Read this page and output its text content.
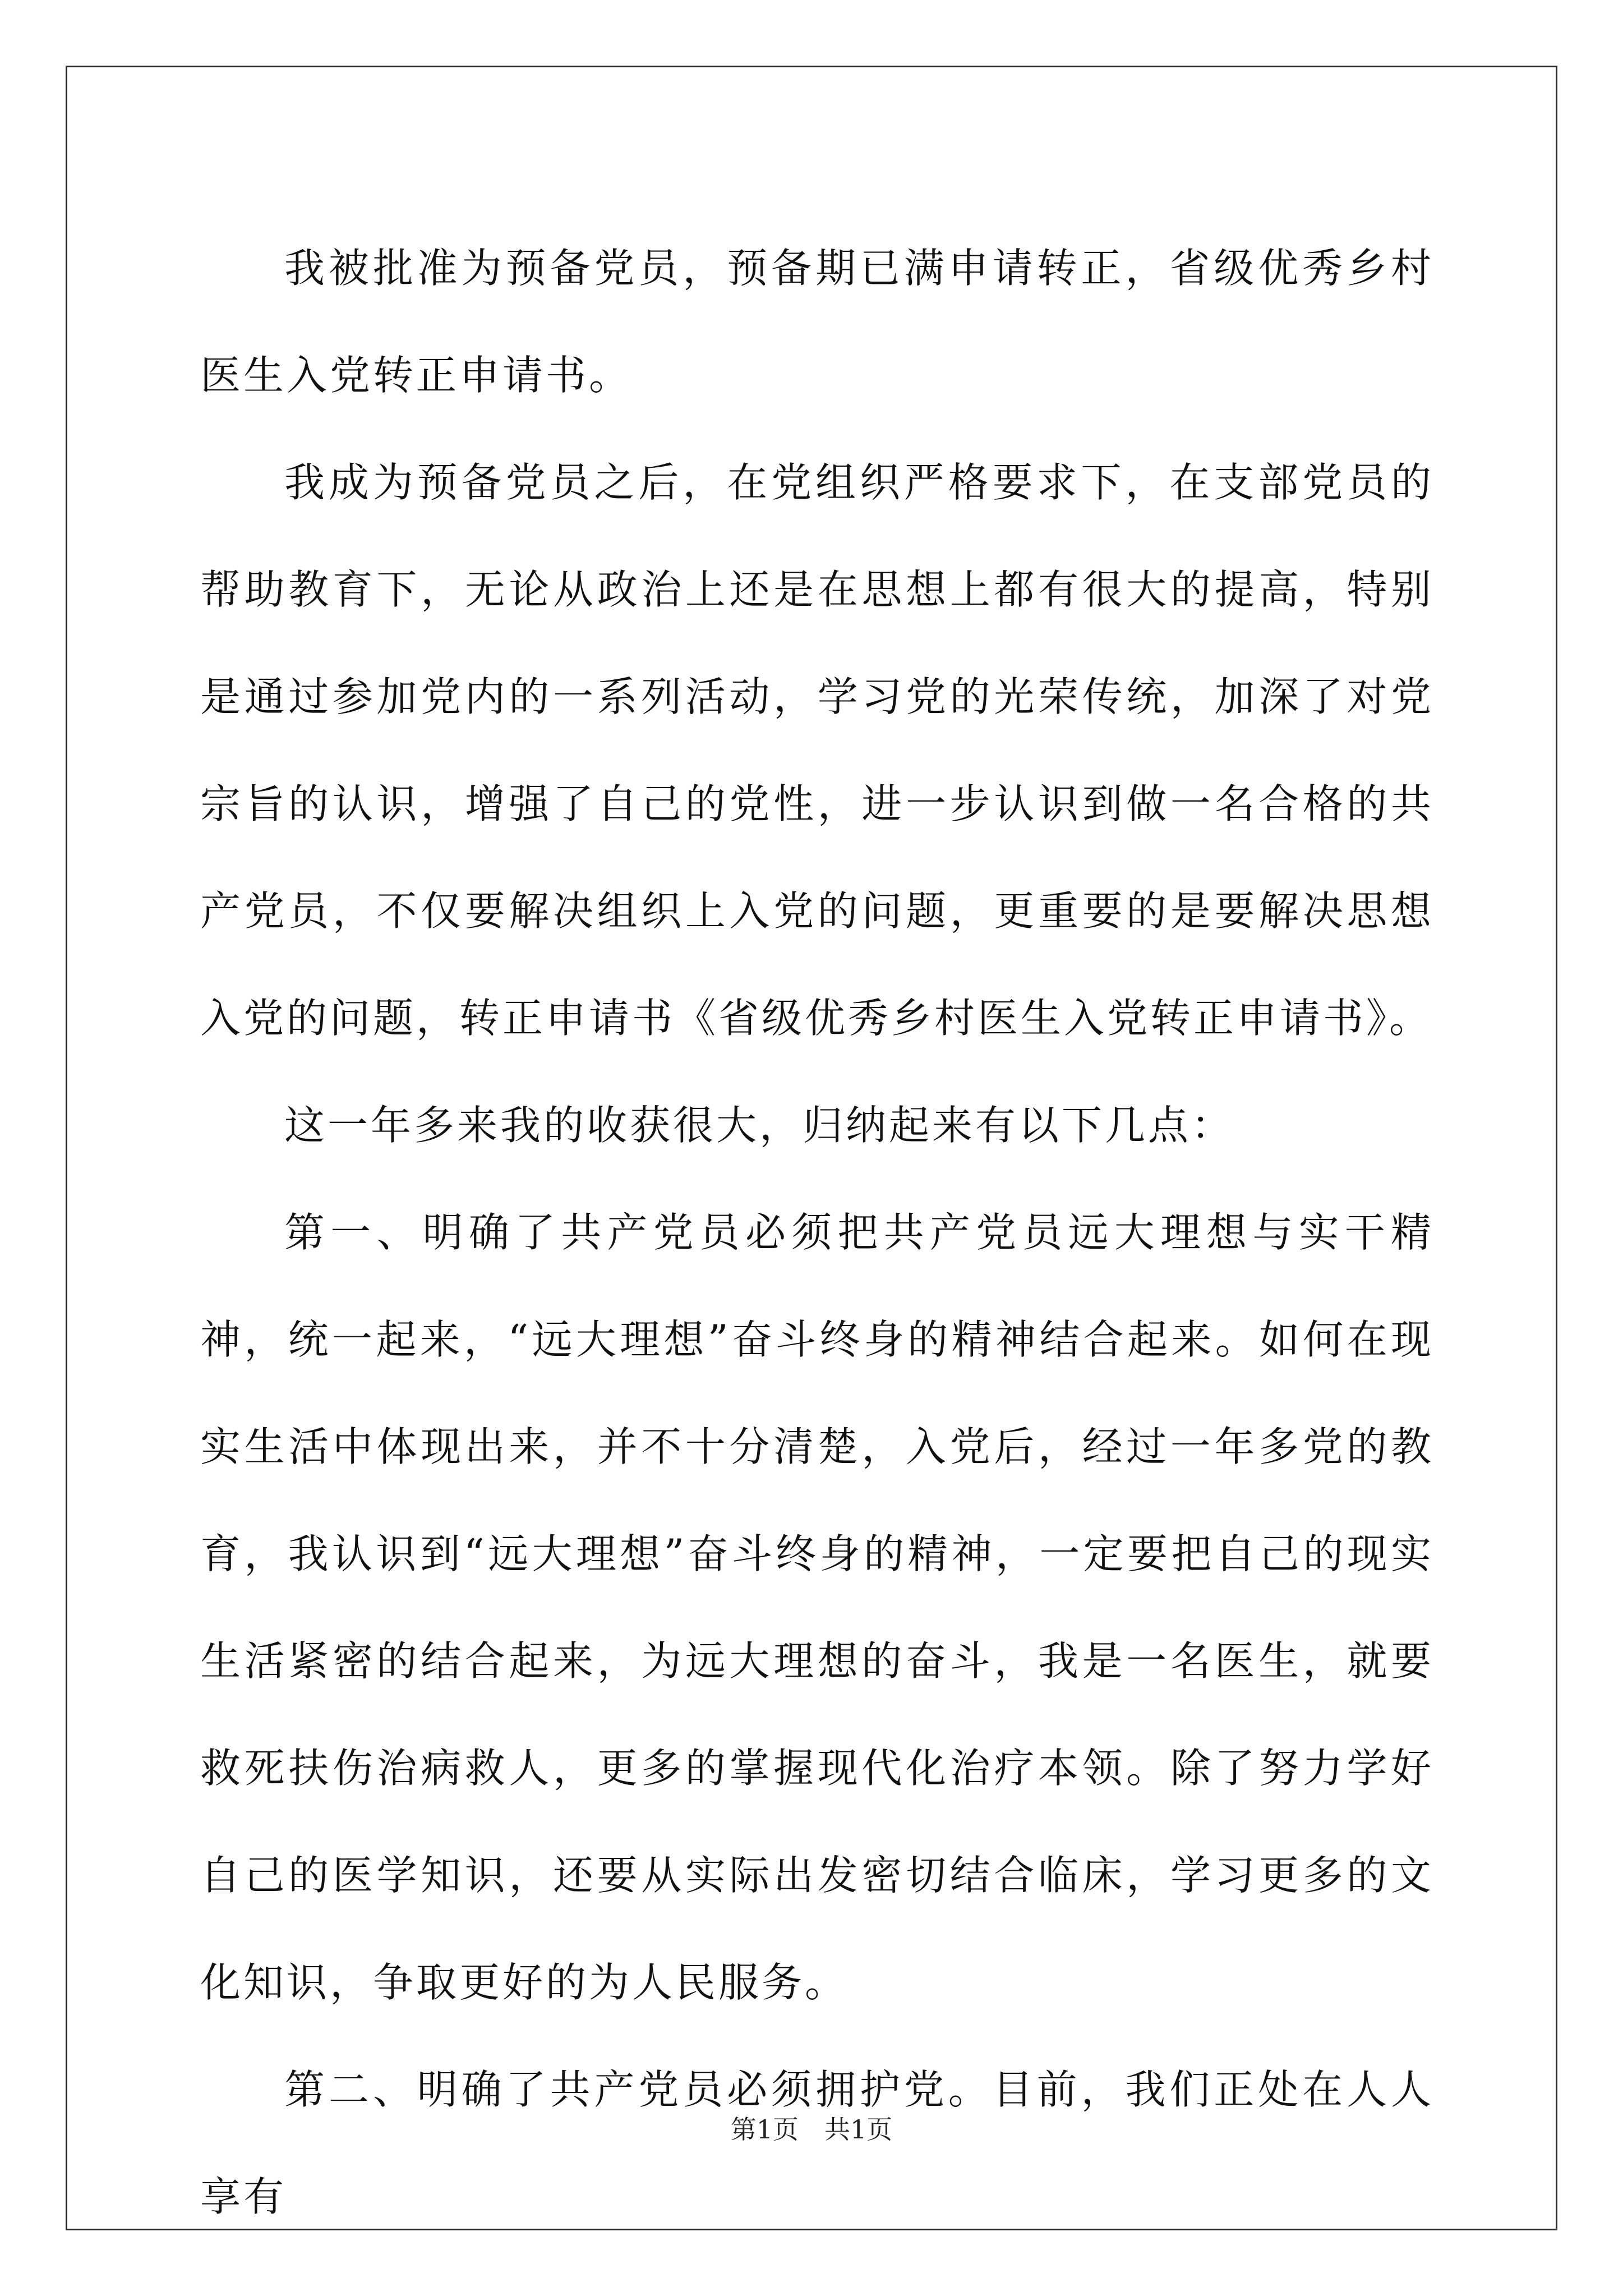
我被批准为预备党员，预备期已满申请转正，省级优秀乡村医生入党转正申请书。

我成为预备党员之后，在党组织严格要求下，在支部党员的帮助教育下，无论从政治上还是在思想上都有很大的提高，特别是通过参加党内的一系列活动，学习党的光荣传统，加深了对党宗旨的认识，增强了自己的党性，进一步认识到做一名合格的共产党员，不仅要解决组织上入党的问题，更重要的是要解决思想入党的问题，转正申请书《省级优秀乡村医生入党转正申请书》。

这一年多来我的收获很大，归纳起来有以下几点：

第一、明确了共产党员必须把共产党员远大理想与实干精神，统一起来，“远大理想”奋斗终身的精神结合起来。如何在现实生活中体现出来，并不十分清楚，入党后，经过一年多党的教育，我认识到“远大理想”奋斗终身的精神，一定要把自己的现实生活紧密的结合起来，为远大理想的奋斗，我是一名医生，就要救死扶伤治病救人，更多的掌握现代化治疗本领。除了努力学好自己的医学知识，还要从实际出发密切结合临床，学习更多的文化知识，争取更好的为人民服务。

第二、明确了共产党员必须拥护党。目前，我们正处在人人享有

第1页　共1页
